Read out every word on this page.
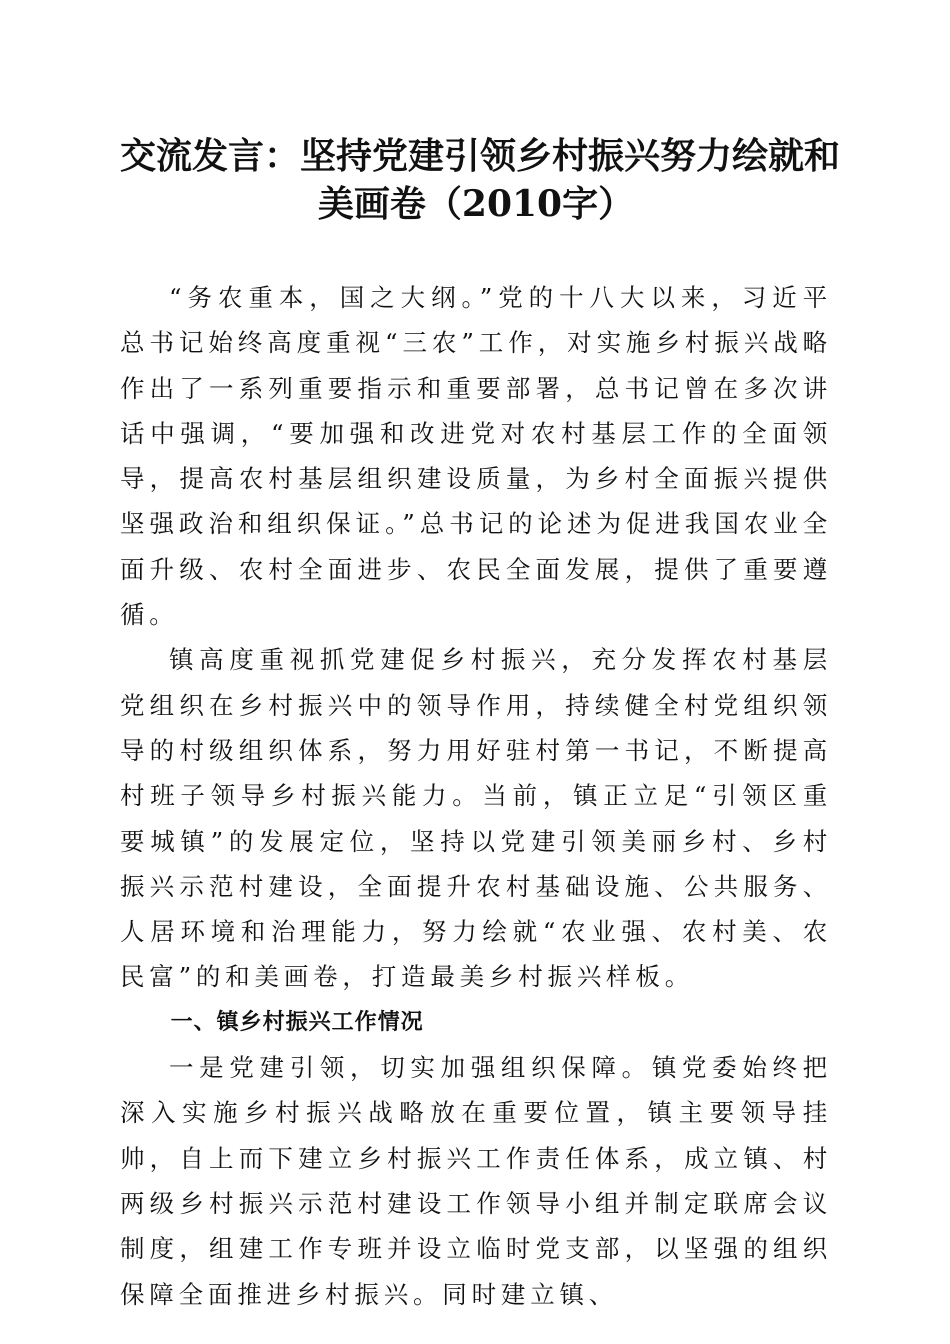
交流发言：坚持党建引领乡村振兴努力绘就和
美画卷（2010字）

“务农重本，国之大纲。”党的十八大以来，习近平总书记始终高度重视“三农”工作，对实施乡村振兴战略作出了一系列重要指示和重要部署，总书记曾在多次讲话中强调，“要加强和改进党对农村基层工作的全面领导，提高农村基层组织建设质量，为乡村全面振兴提供坚强政治和组织保证。”总书记的论述为促进我国农业全面升级、农村全面进步、农民全面发展，提供了重要遵循。

镇高度重视抓党建促乡村振兴，充分发挥农村基层党组织在乡村振兴中的领导作用，持续健全村党组织领导的村级组织体系，努力用好驻村第一书记，不断提高村班子领导乡村振兴能力。当前，镇正立足“引领区重要城镇”的发展定位，坚持以党建引领美丽乡村、乡村振兴示范村建设，全面提升农村基础设施、公共服务、人居环境和治理能力，努力绘就“农业强、农村美、农民富”的和美画卷，打造最美乡村振兴样板。

一、镇乡村振兴工作情况

一是党建引领，切实加强组织保障。镇党委始终把深入实施乡村振兴战略放在重要位置，镇主要领导挂帅，自上而下建立乡村振兴工作责任体系，成立镇、村两级乡村振兴示范村建设工作领导小组并制定联席会议制度，组建工作专班并设立临时党支部，以坚强的组织保障全面推进乡村振兴。同时建立镇、
